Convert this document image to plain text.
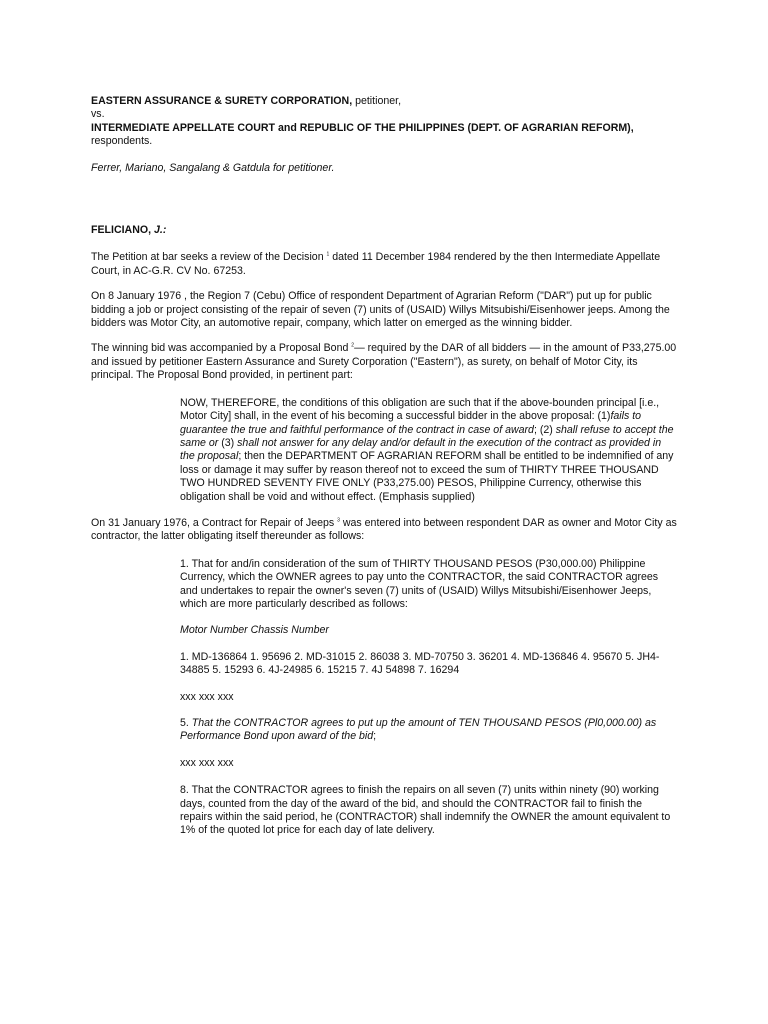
EASTERN ASSURANCE & SURETY CORPORATION, petitioner,

vs.

INTERMEDIATE APPELLATE COURT and REPUBLIC OF THE PHILIPPINES (DEPT. OF AGRARIAN REFORM), respondents.

Ferrer, Mariano, Sangalang & Gatdula for petitioner.

FELICIANO, J.:

The Petition at bar seeks a review of the Decision $^1$ dated 11 December 1984 rendered by the then Intermediate Appellate Court, in AC-G.R. CV No. 67253.

On 8 January 1976 , the Region 7 (Cebu) Office of respondent Department of Agrarian Reform ("DAR") put up for public bidding a job or project consisting of the repair of seven (7) units of (USAID) Willys Mitsubishi/Eisenhower jeeps. Among the bidders was Motor City, an automotive repair, company, which latter on emerged as the winning bidder.

The winning bid was accompanied by a Proposal Bond $^2$— required by the DAR of all bidders — in the amount of P33,275.00 and issued by petitioner Eastern Assurance and Surety Corporation ("Eastern"), as surety, on behalf of Motor City, its principal. The Proposal Bond provided, in pertinent part:

NOW, THEREFORE, the conditions of this obligation are such that if the above-bounden principal [i.e., Motor City] shall, in the event of his becoming a successful bidder in the above proposal: (1)fails to guarantee the true and faithful performance of the contract in case of award; (2) shall refuse to accept the same or (3) shall not answer for any delay and/or default in the execution of the contract as provided in the proposal; then the DEPARTMENT OF AGRARIAN REFORM shall be entitled to be indemnified of any loss or damage it may suffer by reason thereof not to exceed the sum of THIRTY THREE THOUSAND TWO HUNDRED SEVENTY FIVE ONLY (P33,275.00) PESOS, Philippine Currency, otherwise this obligation shall be void and without effect. (Emphasis supplied)

On 31 January 1976, a Contract for Repair of Jeeps $^3$ was entered into between respondent DAR as owner and Motor City as contractor, the latter obligating itself thereunder as follows:

1. That for and/in consideration of the sum of THIRTY THOUSAND PESOS (P30,000.00) Philippine Currency, which the OWNER agrees to pay unto the CONTRACTOR, the said CONTRACTOR agrees and undertakes to repair the owner's seven (7) units of (USAID) Willys Mitsubishi/Eisenhower Jeeps, which are more particularly described as follows:

Motor Number Chassis Number

1. MD-136864 1. 95696 2. MD-31015 2. 86038 3. MD-70750 3. 36201 4. MD-136846 4. 95670 5. JH4-34885 5. 15293 6. 4J-24985 6. 15215 7. 4J 54898 7. 16294

xxx xxx xxx

5. That the CONTRACTOR agrees to put up the amount of TEN THOUSAND PESOS (Pl0,000.00) as Performance Bond upon award of the bid;

xxx xxx xxx

8. That the CONTRACTOR agrees to finish the repairs on all seven (7) units within ninety (90) working days, counted from the day of the award of the bid, and should the CONTRACTOR fail to finish the repairs within the said period, he (CONTRACTOR) shall indemnify the OWNER the amount equivalent to 1% of the quoted lot price for each day of late delivery.
